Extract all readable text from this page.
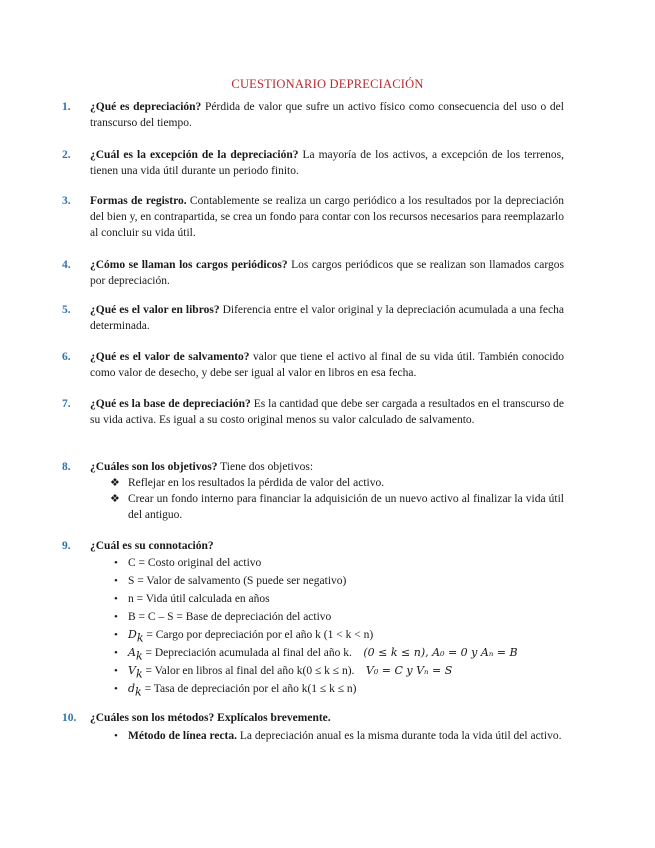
CUESTIONARIO DEPRECIACIÓN
1.	¿Qué es depreciación? Pérdida de valor que sufre un activo físico como consecuencia del uso o del transcurso del tiempo.
2.	¿Cuál es la excepción de la depreciación? La mayoría de los activos, a excepción de los terrenos, tienen una vida útil durante un periodo finito.
3.	Formas de registro. Contablemente se realiza un cargo periódico a los resultados por la depreciación del bien y, en contrapartida, se crea un fondo para contar con los recursos necesarios para reemplazarlo al concluir su vida útil.
4.	¿Cómo se llaman los cargos periódicos? Los cargos periódicos que se realizan son llamados cargos por depreciación.
5.	¿Qué es el valor en libros? Diferencia entre el valor original y la depreciación acumulada a una fecha determinada.
6.	¿Qué es el valor de salvamento? valor que tiene el activo al final de su vida útil. También conocido como valor de desecho, y debe ser igual al valor en libros en esa fecha.
7.	¿Qué es la base de depreciación? Es la cantidad que debe ser cargada a resultados en el transcurso de su vida activa. Es igual a su costo original menos su valor calculado de salvamento.
8.	¿Cuáles son los objetivos? Tiene dos objetivos:
❖ Reflejar en los resultados la pérdida de valor del activo.
❖ Crear un fondo interno para financiar la adquisición de un nuevo activo al finalizar la vida útil del antiguo.
9.	¿Cuál es su connotación?
• C = Costo original del activo
• S = Valor de salvamento (S puede ser negativo)
• n = Vida útil calculada en años
• B = C – S = Base de depreciación del activo
• $D_k$ = Cargo por depreciación por el año k (1 < k < n)
• $A_k$ = Depreciación acumulada al final del año k. (0 ≤ k ≤ n), A₀ = 0 y Aₙ = B
• $V_k$ = Valor en libros al final del año k(0 ≤ k ≤ n). V₀ = C y Vₙ = S
• $d_k$ = Tasa de depreciación por el año k(1 ≤ k ≤ n)
10.	¿Cuáles son los métodos? Explícalos brevemente.
• Método de línea recta. La depreciación anual es la misma durante toda la vida útil del activo.
